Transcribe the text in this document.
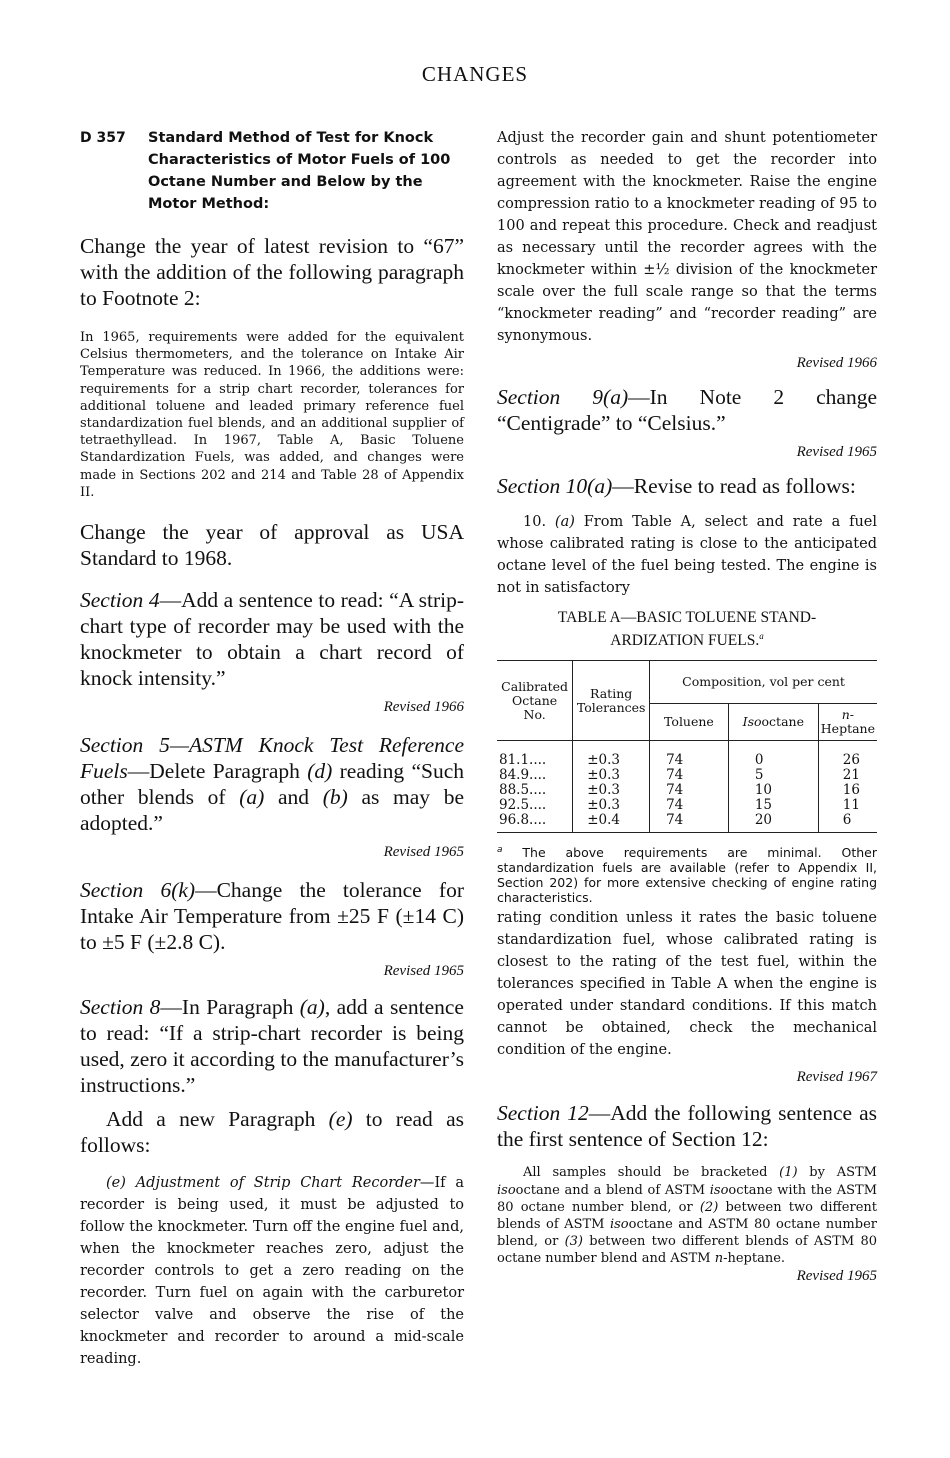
CHANGES
D 357	Standard Method of Test for Knock Characteristics of Motor Fuels of 100 Octane Number and Below by the Motor Method:

Change the year of latest revision to “67” with the addition of the following paragraph to Footnote 2:

In 1965, requirements were added for the equivalent Celsius thermometers, and the tolerance on Intake Air Temperature was reduced. In 1966, the additions were: requirements for a strip chart recorder, tolerances for additional toluene and leaded primary reference fuel standardization fuel blends, and an additional supplier of tetraethyllead. In 1967, Table A, Basic Toluene Standardization Fuels, was added, and changes were made in Sections 202 and 214 and Table 28 of Appendix II.

Change the year of approval as USA Standard to 1968.

Section 4—Add a sentence to read: “A strip-chart type of recorder may be used with the knockmeter to obtain a chart record of knock intensity.”

Revised 1966

Section 5—ASTM Knock Test Reference Fuels—Delete Paragraph (d) reading “Such other blends of (a) and (b) as may be adopted.”

Revised 1965

Section 6(k)—Change the tolerance for Intake Air Temperature from ±25 F (±14 C) to ±5 F (±2.8 C).

Revised 1965

Section 8—In Paragraph (a), add a sentence to read: “If a strip-chart recorder is being used, zero it according to the manufacturer’s instructions.”

Add a new Paragraph (e) to read as follows:

(e) Adjustment of Strip Chart Recorder—If a recorder is being used, it must be adjusted to follow the knockmeter. Turn off the engine fuel and, when the knockmeter reaches zero, adjust the recorder controls to get a zero reading on the recorder. Turn fuel on again with the carburetor selector valve and observe the rise of the knockmeter and recorder to around a mid-scale reading.

Adjust the recorder gain and shunt potentiometer controls as needed to get the recorder into agreement with the knockmeter. Raise the engine compression ratio to a knockmeter reading of 95 to 100 and repeat this procedure. Check and readjust as necessary until the recorder agrees with the knockmeter within ±½ division of the knockmeter scale over the full scale range so that the terms “knockmeter reading” and “recorder reading” are synonymous.

Revised 1966

Section 9(a)—In Note 2 change “Centigrade” to “Celsius.”

Revised 1965

Section 10(a)—Revise to read as follows:

10. (a) From Table A, select and rate a fuel whose calibrated rating is close to the anticipated octane level of the fuel being tested. The engine is not in satisfactory

TABLE A—BASIC TOLUENE STAND-
ARDIZATION FUELS.$^a$
Calibrated Octane No.	Rating Tolerances	Composition, vol per cent		
		Toluene	Isooctane	n-Heptane
81.1....	±0.3	74	0	26
84.9....	±0.3	74	5	21
88.5....	±0.3	74	10	16
92.5....	±0.3	74	15	11
96.8....	±0.4	74	20	6

$^a$ The above requirements are minimal. Other standardization fuels are available (refer to Appendix II, Section 202) for more extensive checking of engine rating characteristics.

rating condition unless it rates the basic toluene standardization fuel, whose calibrated rating is closest to the rating of the test fuel, within the tolerances specified in Table A when the engine is operated under standard conditions. If this match cannot be obtained, check the mechanical condition of the engine.

Revised 1967

Section 12—Add the following sentence as the first sentence of Section 12:

All samples should be bracketed (1) by ASTM isooctane and a blend of ASTM isooctane with the ASTM 80 octane number blend, or (2) between two different blends of ASTM isooctane and ASTM 80 octane number blend, or (3) between two different blends of ASTM 80 octane number blend and ASTM n-heptane.

Revised 1965
